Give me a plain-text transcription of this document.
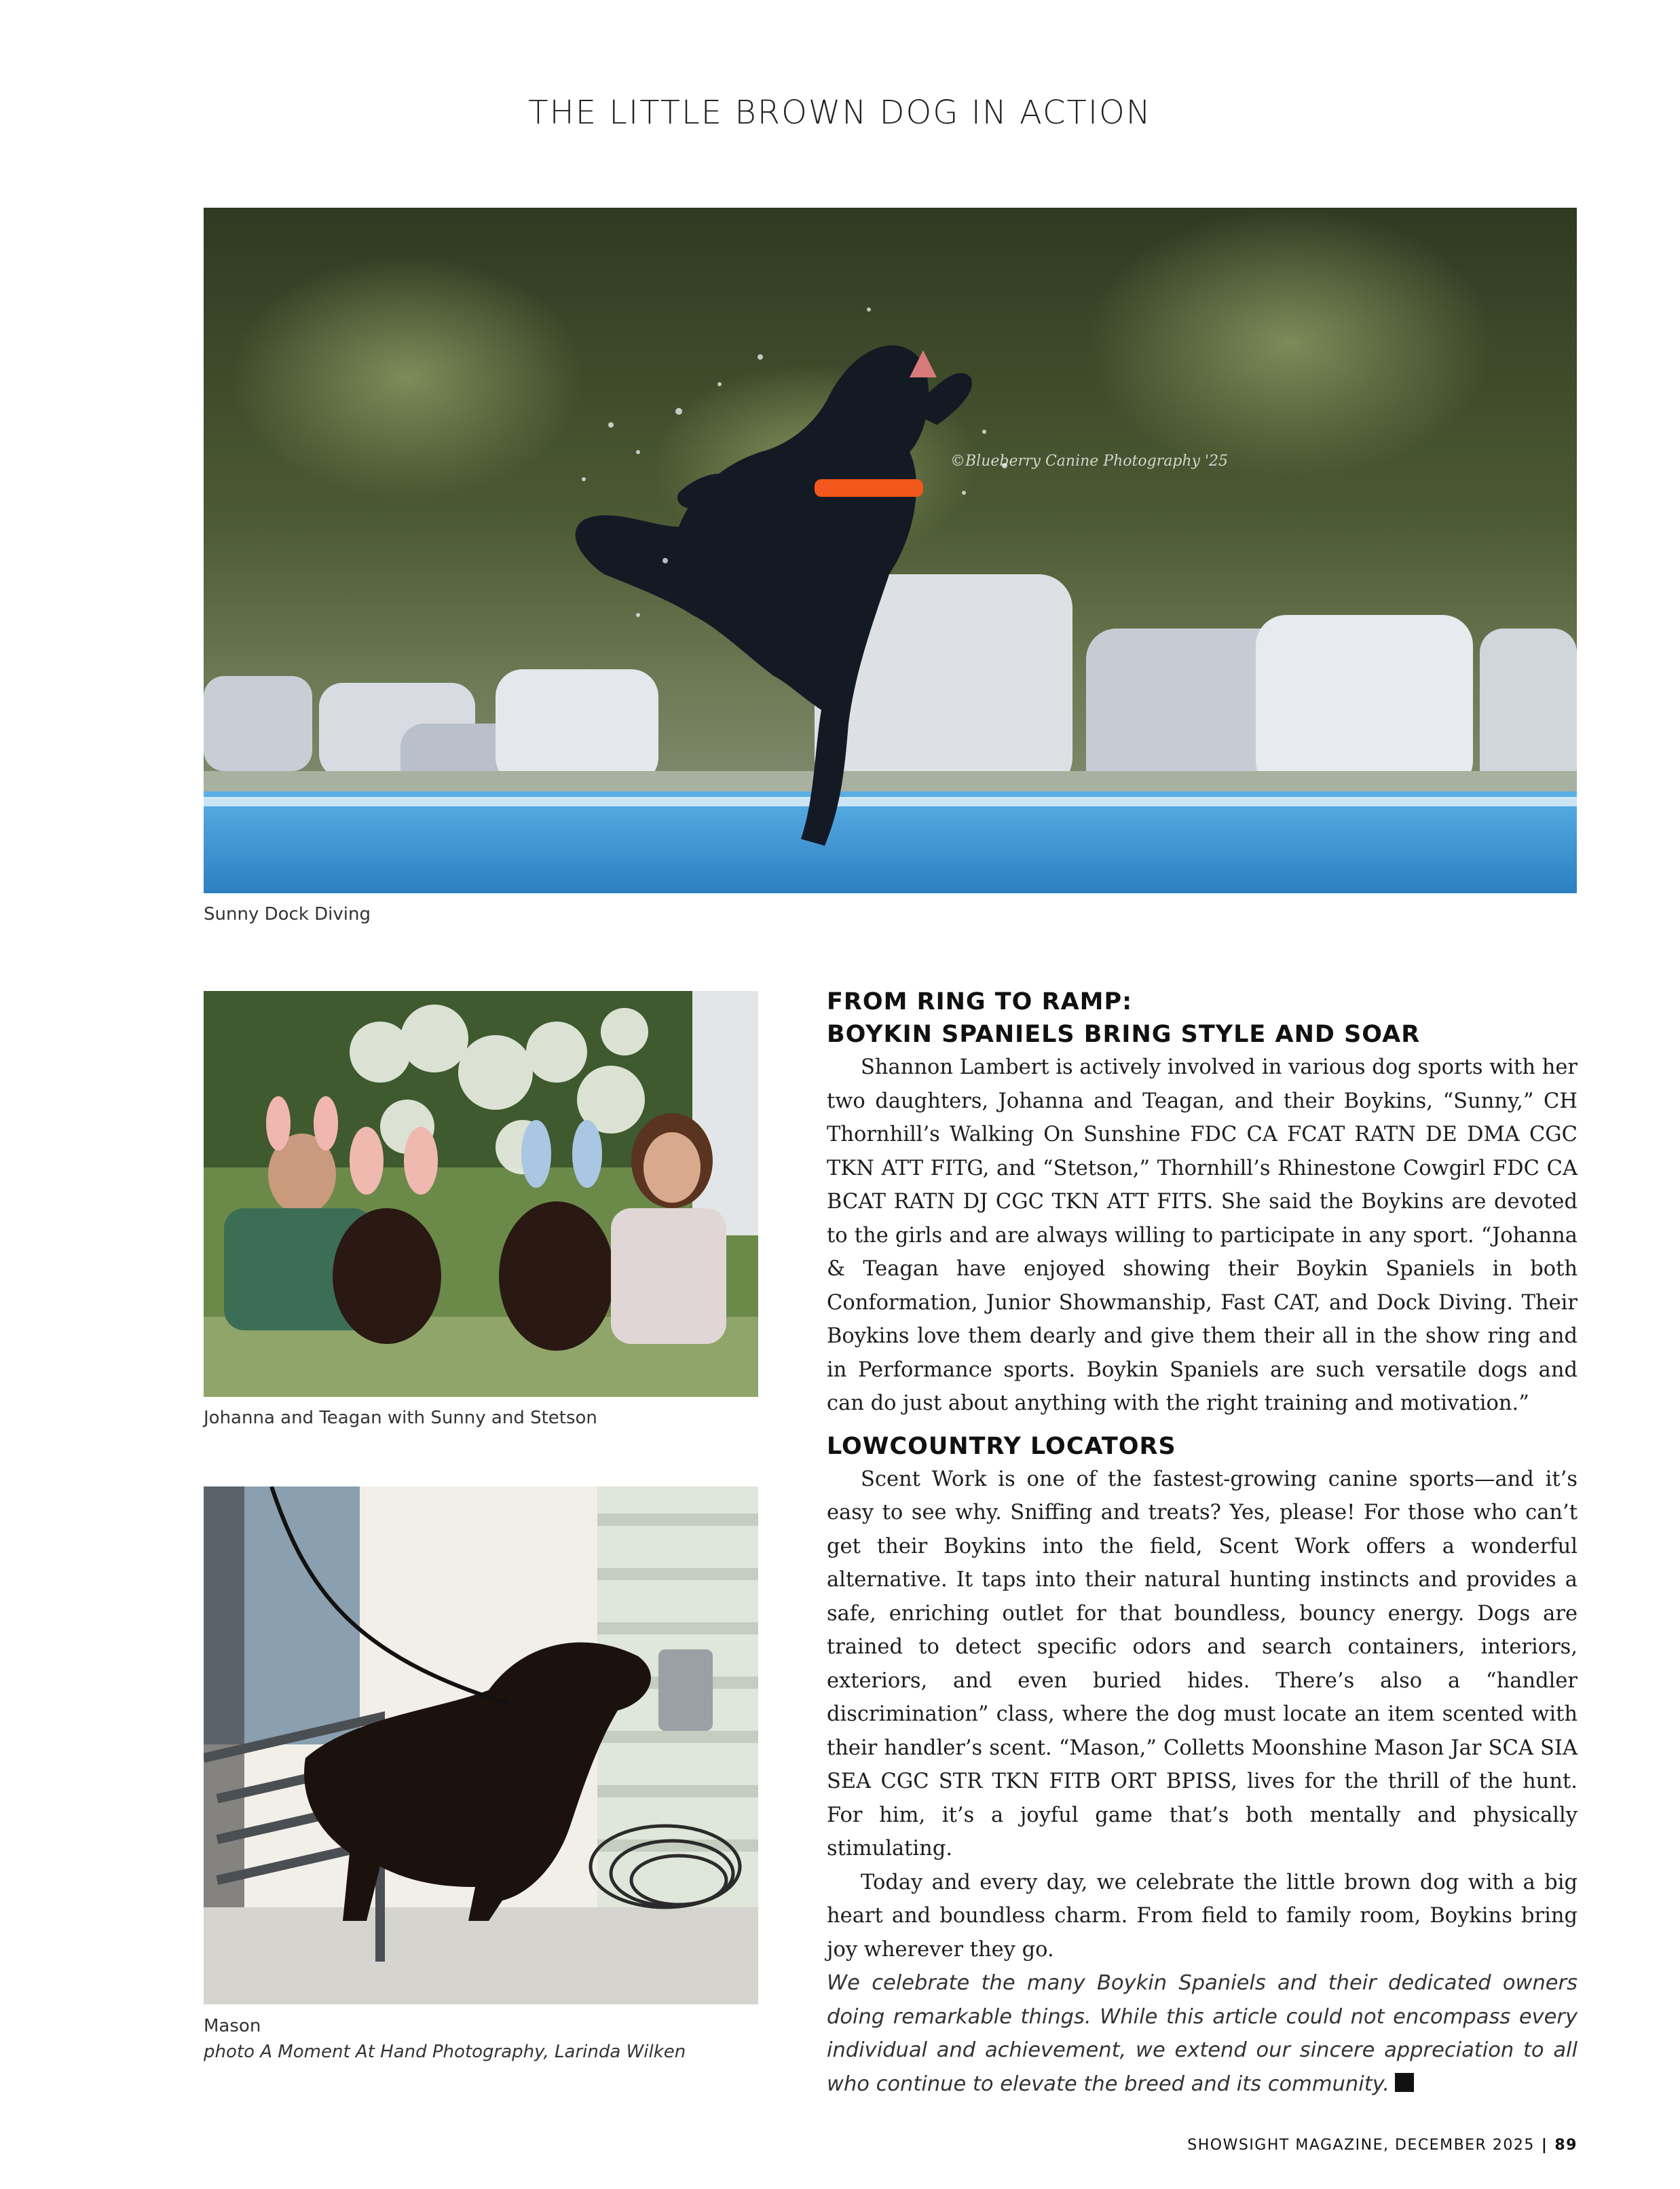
THE LITTLE BROWN DOG IN ACTION
©Blueberry Canine Photography '25
Sunny Dock Diving
Johanna and Teagan with Sunny and Stetson
Mason
photo A Moment At Hand Photography, Larinda Wilken
FROM RING TO RAMP:
BOYKIN SPANIELS BRING STYLE AND SOAR

Shannon Lambert is actively involved in various dog sports with her two daughters, Johanna and Teagan, and their Boykins, “Sunny,” CH Thornhill’s Walking On Sunshine FDC CA FCAT RATN DE DMA CGC TKN ATT FITG, and “Stetson,” Thornhill’s Rhinestone Cowgirl FDC CA BCAT RATN DJ CGC TKN ATT FITS. She said the Boykins are devoted to the girls and are always willing to participate in any sport. “Johanna & Teagan have enjoyed showing their Boykin Spaniels in both Conformation, Junior Showmanship, Fast CAT, and Dock Diving. Their Boykins love them dearly and give them their all in the show ring and in Performance sports. Boykin Spaniels are such versatile dogs and can do just about anything with the right training and motivation.”

LOWCOUNTRY LOCATORS

Scent Work is one of the fastest-growing canine sports—and it’s easy to see why. Sniffing and treats? Yes, please! For those who can’t get their Boykins into the field, Scent Work offers a wonderful alternative. It taps into their natural hunting instincts and provides a safe, enriching outlet for that boundless, bouncy energy. Dogs are trained to detect specific odors and search containers, interiors, exteriors, and even buried hides. There’s also a “handler discrimination” class, where the dog must locate an item scented with their handler’s scent. “Mason,” Colletts Moonshine Mason Jar SCA SIA SEA CGC STR TKN FITB ORT BPISS, lives for the thrill of the hunt. For him, it’s a joyful game that’s both mentally and physically stimulating.

Today and every day, we celebrate the little brown dog with a big heart and boundless charm. From field to family room, Boykins bring joy wherever they go.

We celebrate the many Boykin Spaniels and their dedicated owners doing remarkable things. While this article could not encompass every individual and achievement, we extend our sincere appreciation to all who continue to elevate the breed and its community.

SHOWSIGHT MAGAZINE, DECEMBER 2025 | 89
